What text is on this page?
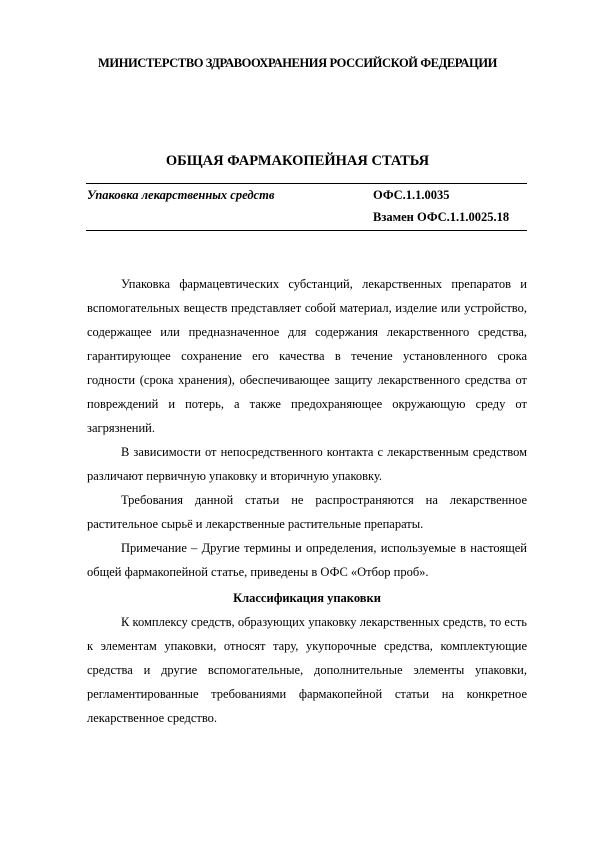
МИНИСТЕРСТВО ЗДРАВООХРАНЕНИЯ РОССИЙСКОЙ ФЕДЕРАЦИИ
ОБЩАЯ ФАРМАКОПЕЙНАЯ СТАТЬЯ
Упаковка лекарственных средств	ОФС.1.1.0035
Взамен ОФС.1.1.0025.18

Упаковка фармацевтических субстанций, лекарственных препаратов и вспомогательных веществ представляет собой материал, изделие или устройство, содержащее или предназначенное для содержания лекарственного средства, гарантирующее сохранение его качества в течение установленного срока годности (срока хранения), обеспечивающее защиту лекарственного средства от повреждений и потерь, а также предохраняющее окружающую среду от загрязнений.

В зависимости от непосредственного контакта с лекарственным средством различают первичную упаковку и вторичную упаковку.

Требования данной статьи не распространяются на лекарственное растительное сырьё и лекарственные растительные препараты.

Примечание – Другие термины и определения, используемые в настоящей общей фармакопейной статье, приведены в ОФС «Отбор проб».

Классификация упаковки

К комплексу средств, образующих упаковку лекарственных средств, то есть к элементам упаковки, относят тару, укупорочные средства, комплектующие средства и другие вспомогательные, дополнительные элементы упаковки, регламентированные требованиями фармакопейной статьи на конкретное лекарственное средство.
